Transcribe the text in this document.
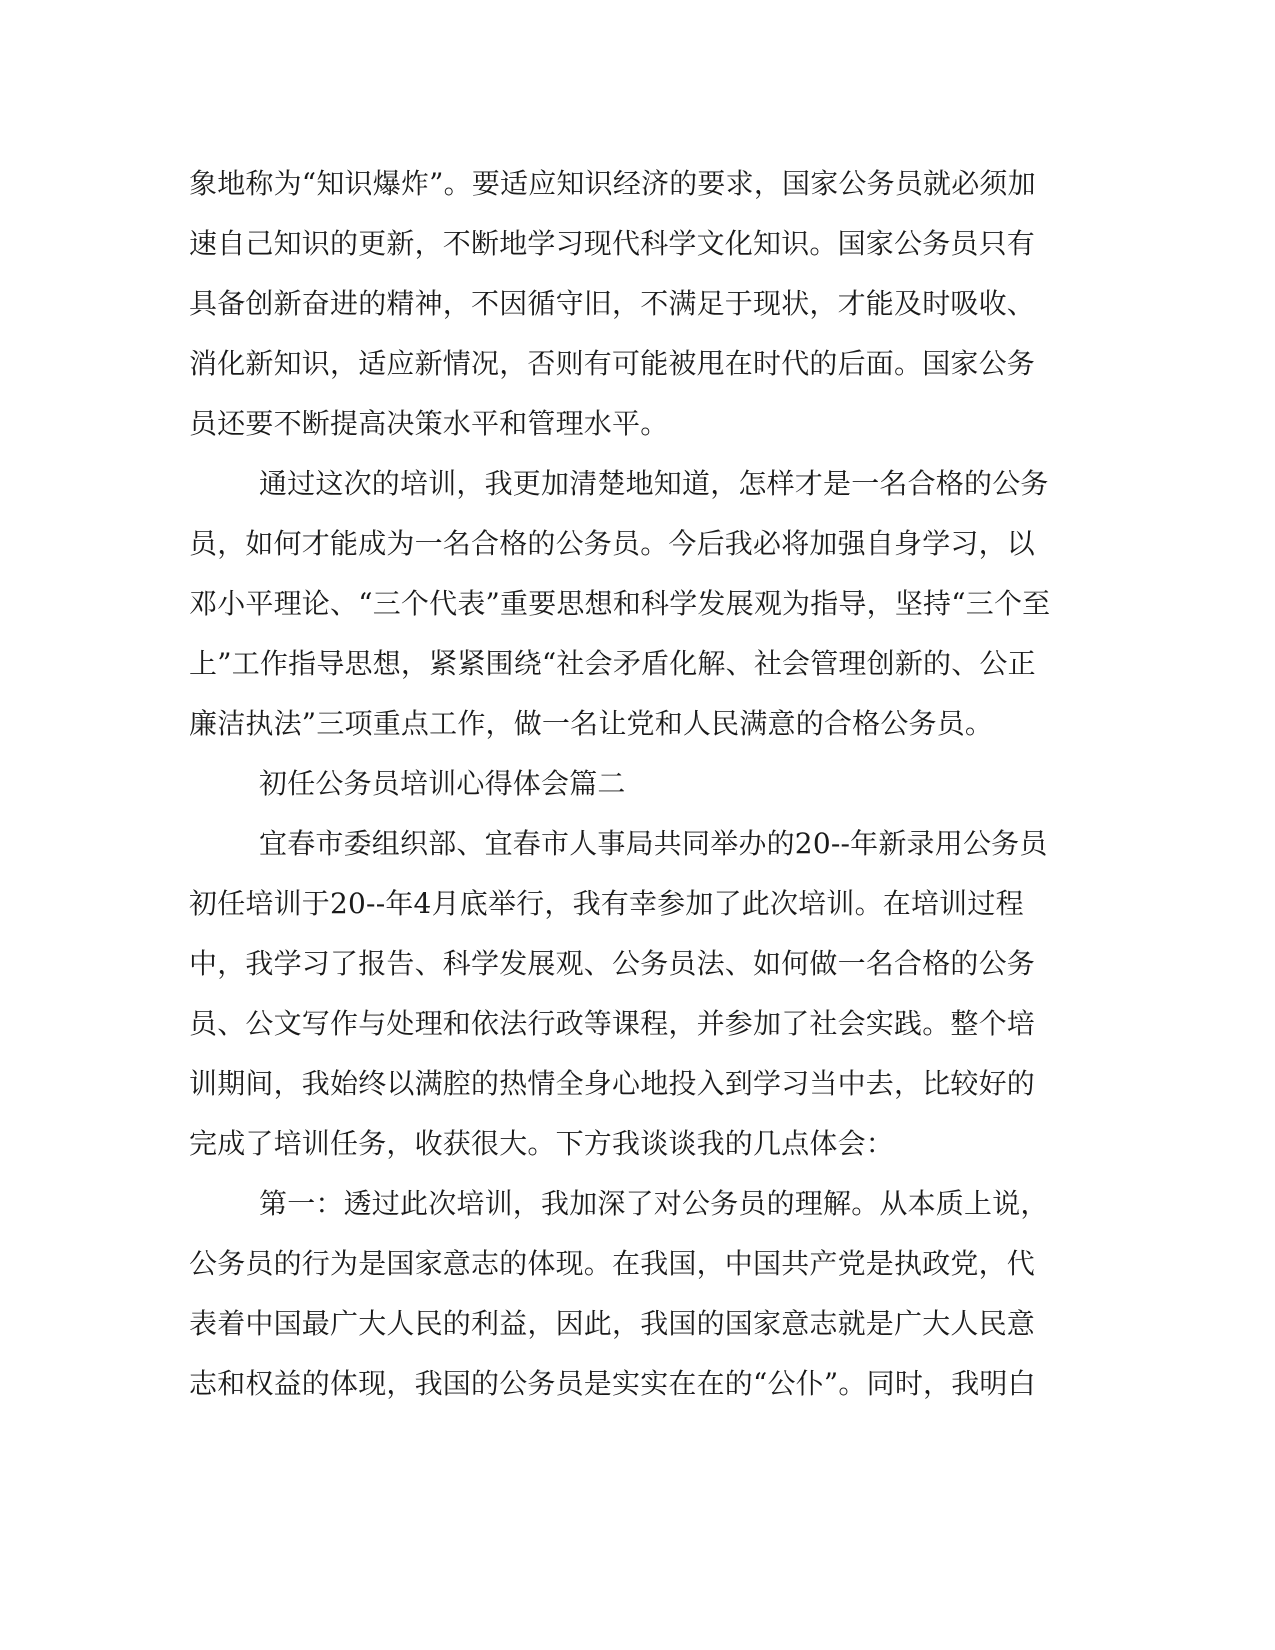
象地称为“知识爆炸”。要适应知识经济的要求，国家公务员就必须加
速自己知识的更新，不断地学习现代科学文化知识。国家公务员只有
具备创新奋进的精神，不因循守旧，不满足于现状，才能及时吸收、
消化新知识，适应新情况，否则有可能被甩在时代的后面。国家公务
员还要不断提高决策水平和管理水平。
通过这次的培训，我更加清楚地知道，怎样才是一名合格的公务
员，如何才能成为一名合格的公务员。今后我必将加强自身学习，以
邓小平理论、“三个代表”重要思想和科学发展观为指导，坚持“三个至
上”工作指导思想，紧紧围绕“社会矛盾化解、社会管理创新的、公正
廉洁执法”三项重点工作，做一名让党和人民满意的合格公务员。
初任公务员培训心得体会篇二
宜春市委组织部、宜春市人事局共同举办的20--年新录用公务员
初任培训于20--年4月底举行，我有幸参加了此次培训。在培训过程
中，我学习了报告、科学发展观、公务员法、如何做一名合格的公务
员、公文写作与处理和依法行政等课程，并参加了社会实践。整个培
训期间，我始终以满腔的热情全身心地投入到学习当中去，比较好的
完成了培训任务，收获很大。下方我谈谈我的几点体会：
第一：透过此次培训，我加深了对公务员的理解。从本质上说，
公务员的行为是国家意志的体现。在我国，中国共产党是执政党，代
表着中国最广大人民的利益，因此，我国的国家意志就是广大人民意
志和权益的体现，我国的公务员是实实在在的“公仆”。同时，我明白
